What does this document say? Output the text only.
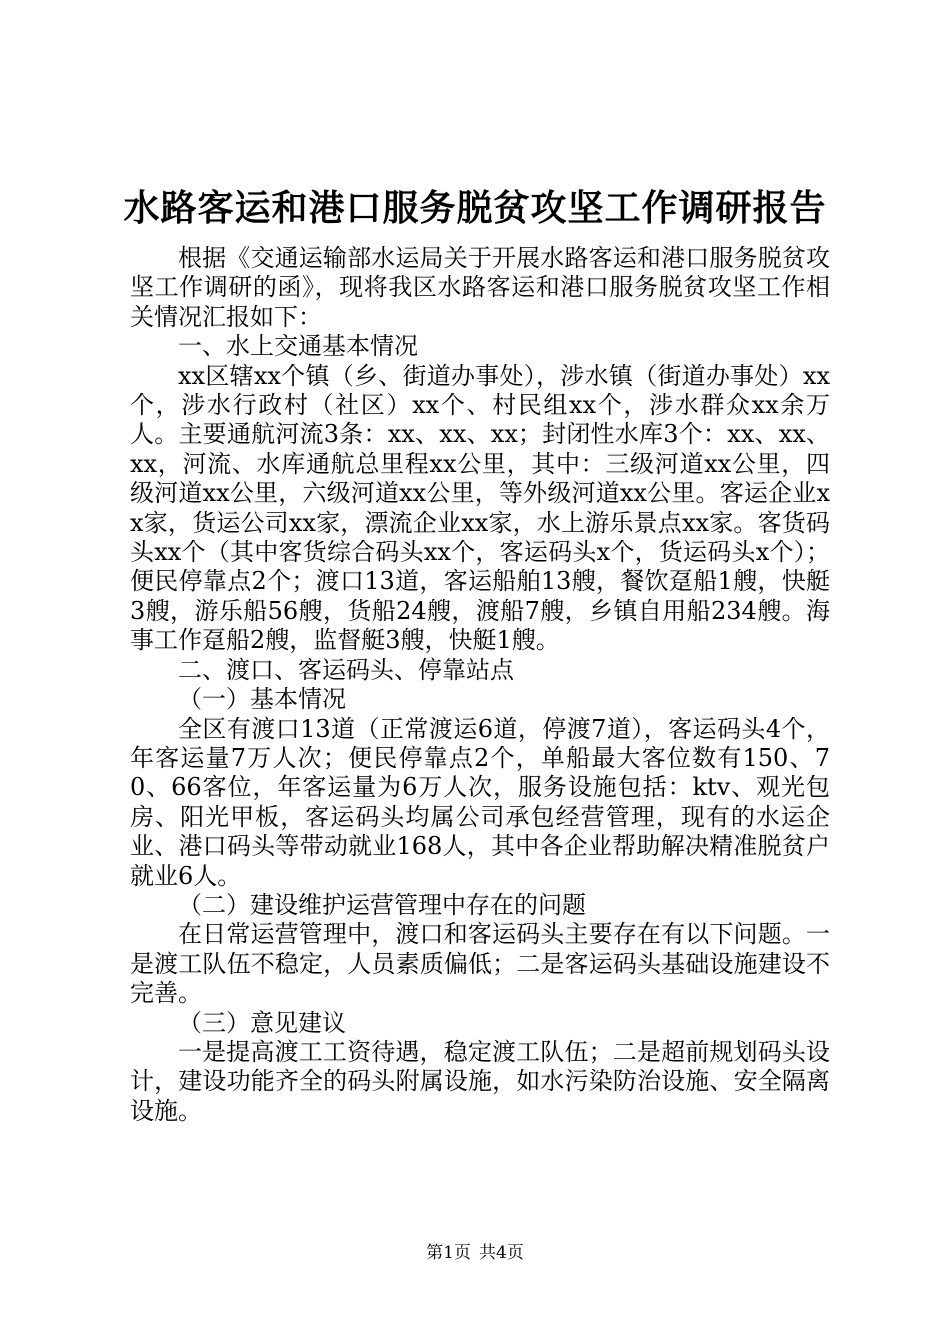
水路客运和港口服务脱贫攻坚工作调研报告

根据《交通运输部水运局关于开展水路客运和港口服务脱贫攻坚工作调研的函》，现将我区水路客运和港口服务脱贫攻坚工作相关情况汇报如下：

一、水上交通基本情况

xx区辖xx个镇（乡、街道办事处），涉水镇（街道办事处）xx个，涉水行政村（社区）xx个、村民组xx个，涉水群众xx余万人。主要通航河流3条：xx、xx、xx；封闭性水库3个：xx、xx、xx，河流、水库通航总里程xx公里，其中：三级河道xx公里，四级河道xx公里，六级河道xx公里，等外级河道xx公里。客运企业xx家，货运公司xx家，漂流企业xx家，水上游乐景点xx家。客货码头xx个（其中客货综合码头xx个，客运码头x个，货运码头x个）；便民停靠点2个；渡口13道，客运船舶13艘，餐饮趸船1艘，快艇3艘，游乐船56艘，货船24艘，渡船7艘，乡镇自用船234艘。海事工作趸船2艘，监督艇3艘，快艇1艘。

二、渡口、客运码头、停靠站点

（一）基本情况

全区有渡口13道（正常渡运6道，停渡7道），客运码头4个，年客运量7万人次；便民停靠点2个，单船最大客位数有150、70、66客位，年客运量为6万人次，服务设施包括：ktv、观光包房、阳光甲板，客运码头均属公司承包经营管理，现有的水运企业、港口码头等带动就业168人，其中各企业帮助解决精准脱贫户就业6人。

（二）建设维护运营管理中存在的问题

在日常运营管理中，渡口和客运码头主要存在有以下问题。一是渡工队伍不稳定，人员素质偏低；二是客运码头基础设施建设不完善。

（三）意见建议

一是提高渡工工资待遇，稳定渡工队伍；二是超前规划码头设计，建设功能齐全的码头附属设施，如水污染防治设施、安全隔离设施。

第1页 共4页
